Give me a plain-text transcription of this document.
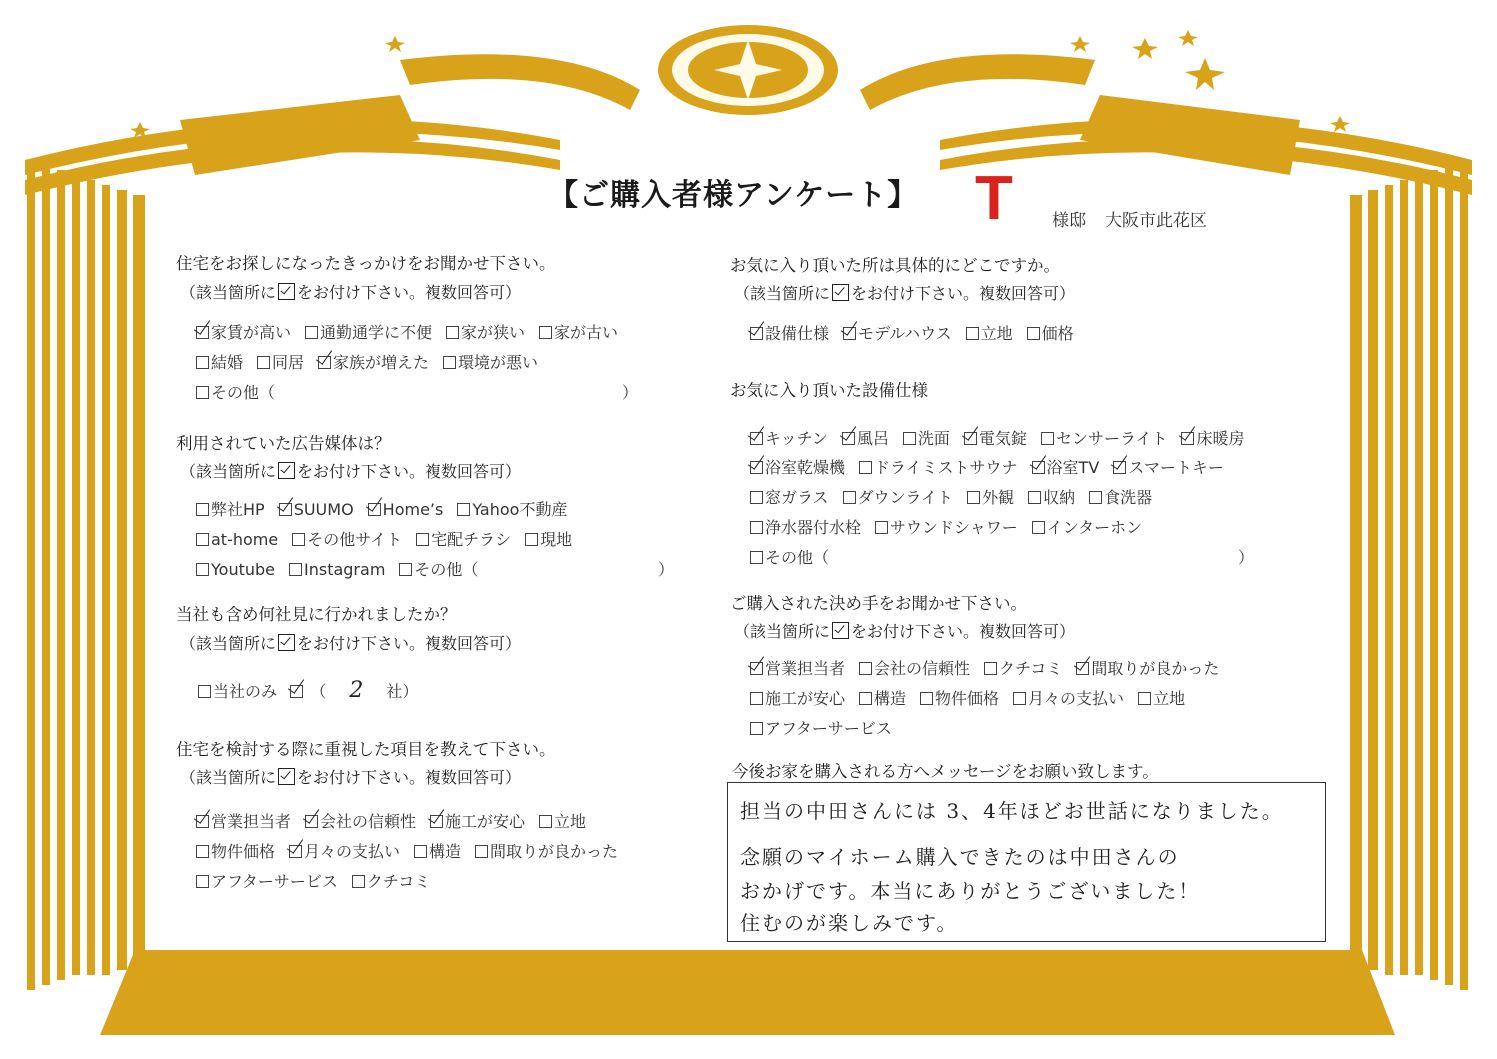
【ご購入者様アンケート】 T 様邸 大阪市此花区
住宅をお探しになったきっかけをお聞かせ下さい。
（該当箇所に をお付け下さい。複数回答可）
家賃が高い 通勤通学に不便 家が狭い 家が古い
結婚 同居 家族が増えた 環境が悪い
その他（	）
利用されていた広告媒体は？
（該当箇所に をお付け下さい。複数回答可）
弊社HP SUUMO Home’s Yahoo不動産
at-home その他サイト 宅配チラシ 現地
Youtube Instagram その他（	）
当社も含め何社見に行かれましたか？
（該当箇所に をお付け下さい。複数回答可）
当社のみ （ 2 社）
住宅を検討する際に重視した項目を教えて下さい。
（該当箇所に をお付け下さい。複数回答可）
営業担当者 会社の信頼性 施工が安心 立地
物件価格 月々の支払い 構造 間取りが良かった
アフターサービス クチコミ
お気に入り頂いた所は具体的にどこですか。
（該当箇所に をお付け下さい。複数回答可）
設備仕様 モデルハウス 立地 価格
お気に入り頂いた設備仕様
キッチン 風呂 洗面 電気錠 センサーライト 床暖房
浴室乾燥機 ドライミストサウナ 浴室TV スマートキー
窓ガラス ダウンライト 外観 収納 食洗器
浄水器付水栓 サウンドシャワー インターホン
その他（	）
ご購入された決め手をお聞かせ下さい。
（該当箇所に をお付け下さい。複数回答可）
営業担当者 会社の信頼性 クチコミ 間取りが良かった
施工が安心 構造 物件価格 月々の支払い 立地
アフターサービス
今後お家を購入される方へメッセージをお願い致します。
担当の中田さんには 3、4年ほどお世話になりました。
念願のマイホーム購入できたのは中田さんの
おかげです。本当にありがとうございました！
住むのが楽しみです。
